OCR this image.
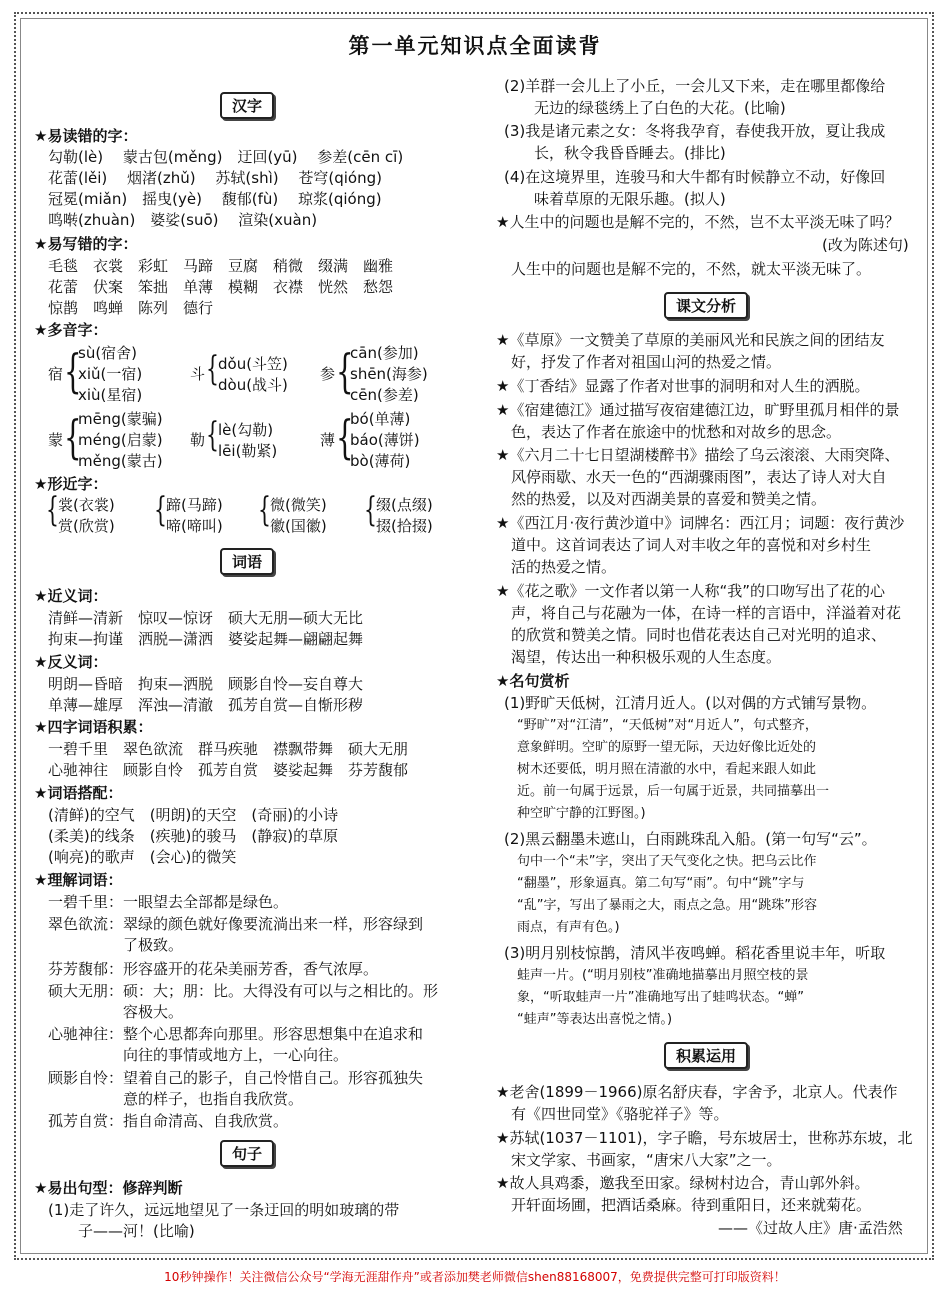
第一单元知识点全面读背
汉字
★易读错的字：
勾勒(lè)　 蒙古包(měng)　迂回(yū)　 参差(cēn cī)
花蕾(lěi)　 烟渚(zhǔ)　 苏轼(shì)　 苍穹(qióng)
冠冕(miǎn)　摇曳(yè)　 馥郁(fù)　 琼浆(qióng)
鸣啭(zhuàn)　婆娑(suō)　 渲染(xuàn)
★易写错的字：
毛毯　衣裳　彩虹　马蹄　豆腐　稍微　缀满　幽雅
花蕾　伏案　笨拙　单薄　模糊　衣襟　恍然　愁怨
惊鹊　鸣蝉　陈列　德行
★多音字：
宿 {
sù(宿舍)
xiǔ(一宿)
xiù(星宿)
斗 { dǒu(斗笠)
dòu(战斗)
参 {
cān(参加)
shēn(海参)
cēn(参差)
蒙 {
mēng(蒙骗)
méng(启蒙)
měng(蒙古)
勒 { lè(勾勒)
lēi(勒紧)
薄 {
bó(单薄)
báo(薄饼)
bò(薄荷)
★形近字：
{ 裳(衣裳)
赏(欣赏) { 蹄(马蹄)
啼(啼叫) { 微(微笑)
徽(国徽) { 缀(点缀)
掇(拾掇)
词语
★近义词：
清鲜—清新　惊叹—惊讶　硕大无朋—硕大无比
拘束—拘谨　洒脱—潇洒　婆娑起舞—翩翩起舞
★反义词：
明朗—昏暗　拘束—洒脱　顾影自怜—妄自尊大
单薄—雄厚　浑浊—清澈　孤芳自赏—自惭形秽
★四字词语积累：
一碧千里　翠色欲流　群马疾驰　襟飘带舞　硕大无朋
心驰神往　顾影自怜　孤芳自赏　婆娑起舞　芬芳馥郁
★词语搭配：
(清鲜)的空气　(明朗)的天空　(奇丽)的小诗
(柔美)的线条　(疾驰)的骏马　(静寂)的草原
(响亮)的歌声　(会心)的微笑
★理解词语：
一碧千里：一眼望去全部都是绿色。
翠色欲流：翠绿的颜色就好像要流淌出来一样，形容绿到
　　　　　了极致。
芬芳馥郁：形容盛开的花朵美丽芳香，香气浓厚。
硕大无朋：硕：大；朋：比。大得没有可以与之相比的。形
　　　　　容极大。
心驰神往：整个心思都奔向那里。形容思想集中在追求和
　　　　　向往的事情或地方上，一心向往。
顾影自怜：望着自己的影子，自己怜惜自己。形容孤独失
　　　　　意的样子，也指自我欣赏。
孤芳自赏：指自命清高、自我欣赏。
句子
★易出句型：修辞判断
(1)走了许久，远远地望见了一条迂回的明如玻璃的带
　　子——河！(比喻)
(2)羊群一会儿上了小丘，一会儿又下来，走在哪里都像给
　　无边的绿毯绣上了白色的大花。(比喻)
(3)我是诸元素之女：冬将我孕育，春使我开放，夏让我成
　　长，秋令我昏昏睡去。(排比)
(4)在这境界里，连骏马和大牛都有时候静立不动，好像回
　　味着草原的无限乐趣。(拟人)
★人生中的问题也是解不完的，不然，岂不太平淡无味了吗？
(改为陈述句)
　人生中的问题也是解不完的，不然，就太平淡无味了。
课文分析
★《草原》一文赞美了草原的美丽风光和民族之间的团结友
　好，抒发了作者对祖国山河的热爱之情。
★《丁香结》显露了作者对世事的洞明和对人生的洒脱。
★《宿建德江》通过描写夜宿建德江边，旷野里孤月相伴的景
　色，表达了作者在旅途中的忧愁和对故乡的思念。
★《六月二十七日望湖楼醉书》描绘了乌云滚滚、大雨突降、
　风停雨歇、水天一色的“西湖骤雨图”，表达了诗人对大自
　然的热爱，以及对西湖美景的喜爱和赞美之情。
★《西江月·夜行黄沙道中》词牌名：西江月；词题：夜行黄沙
　道中。这首词表达了词人对丰收之年的喜悦和对乡村生
　活的热爱之情。
★《花之歌》一文作者以第一人称“我”的口吻写出了花的心
　声，将自己与花融为一体，在诗一样的言语中，洋溢着对花
　的欣赏和赞美之情。同时也借花表达自己对光明的追求、
　渴望，传达出一种积极乐观的人生态度。
★名句赏析
(1)野旷天低树，江清月近人。(以对偶的方式铺写景物。
　“野旷”对“江清”，“天低树”对“月近人”，句式整齐，
　意象鲜明。空旷的原野一望无际，天边好像比近处的
　树木还要低，明月照在清澈的水中，看起来跟人如此
　近。前一句属于远景，后一句属于近景，共同描摹出一
　种空旷宁静的江野图。)
(2)黑云翻墨未遮山，白雨跳珠乱入船。(第一句写“云”。
　句中一个“未”字，突出了天气变化之快。把乌云比作
　“翻墨”，形象逼真。第二句写“雨”。句中“跳”字与
　“乱”字，写出了暴雨之大，雨点之急。用“跳珠”形容
　雨点，有声有色。)
(3)明月别枝惊鹊，清风半夜鸣蝉。稻花香里说丰年，听取
　蛙声一片。(“明月别枝”准确地描摹出月照空枝的景
　象，“听取蛙声一片”准确地写出了蛙鸣状态。“蝉”
　“蛙声”等表达出喜悦之情。)
积累运用
★老舍(1899－1966)原名舒庆春，字舍予，北京人。代表作
　有《四世同堂》《骆驼祥子》等。
★苏轼(1037－1101)，字子瞻，号东坡居士，世称苏东坡，北
　宋文学家、书画家，“唐宋八大家”之一。
★故人具鸡黍，邀我至田家。绿树村边合，青山郭外斜。
　开轩面场圃，把酒话桑麻。待到重阳日，还来就菊花。
——《过故人庄》唐·孟浩然
10秒钟操作！关注微信公众号“学海无涯甜作舟”或者添加樊老师微信shen88168007，免费提供完整可打印版资料！
